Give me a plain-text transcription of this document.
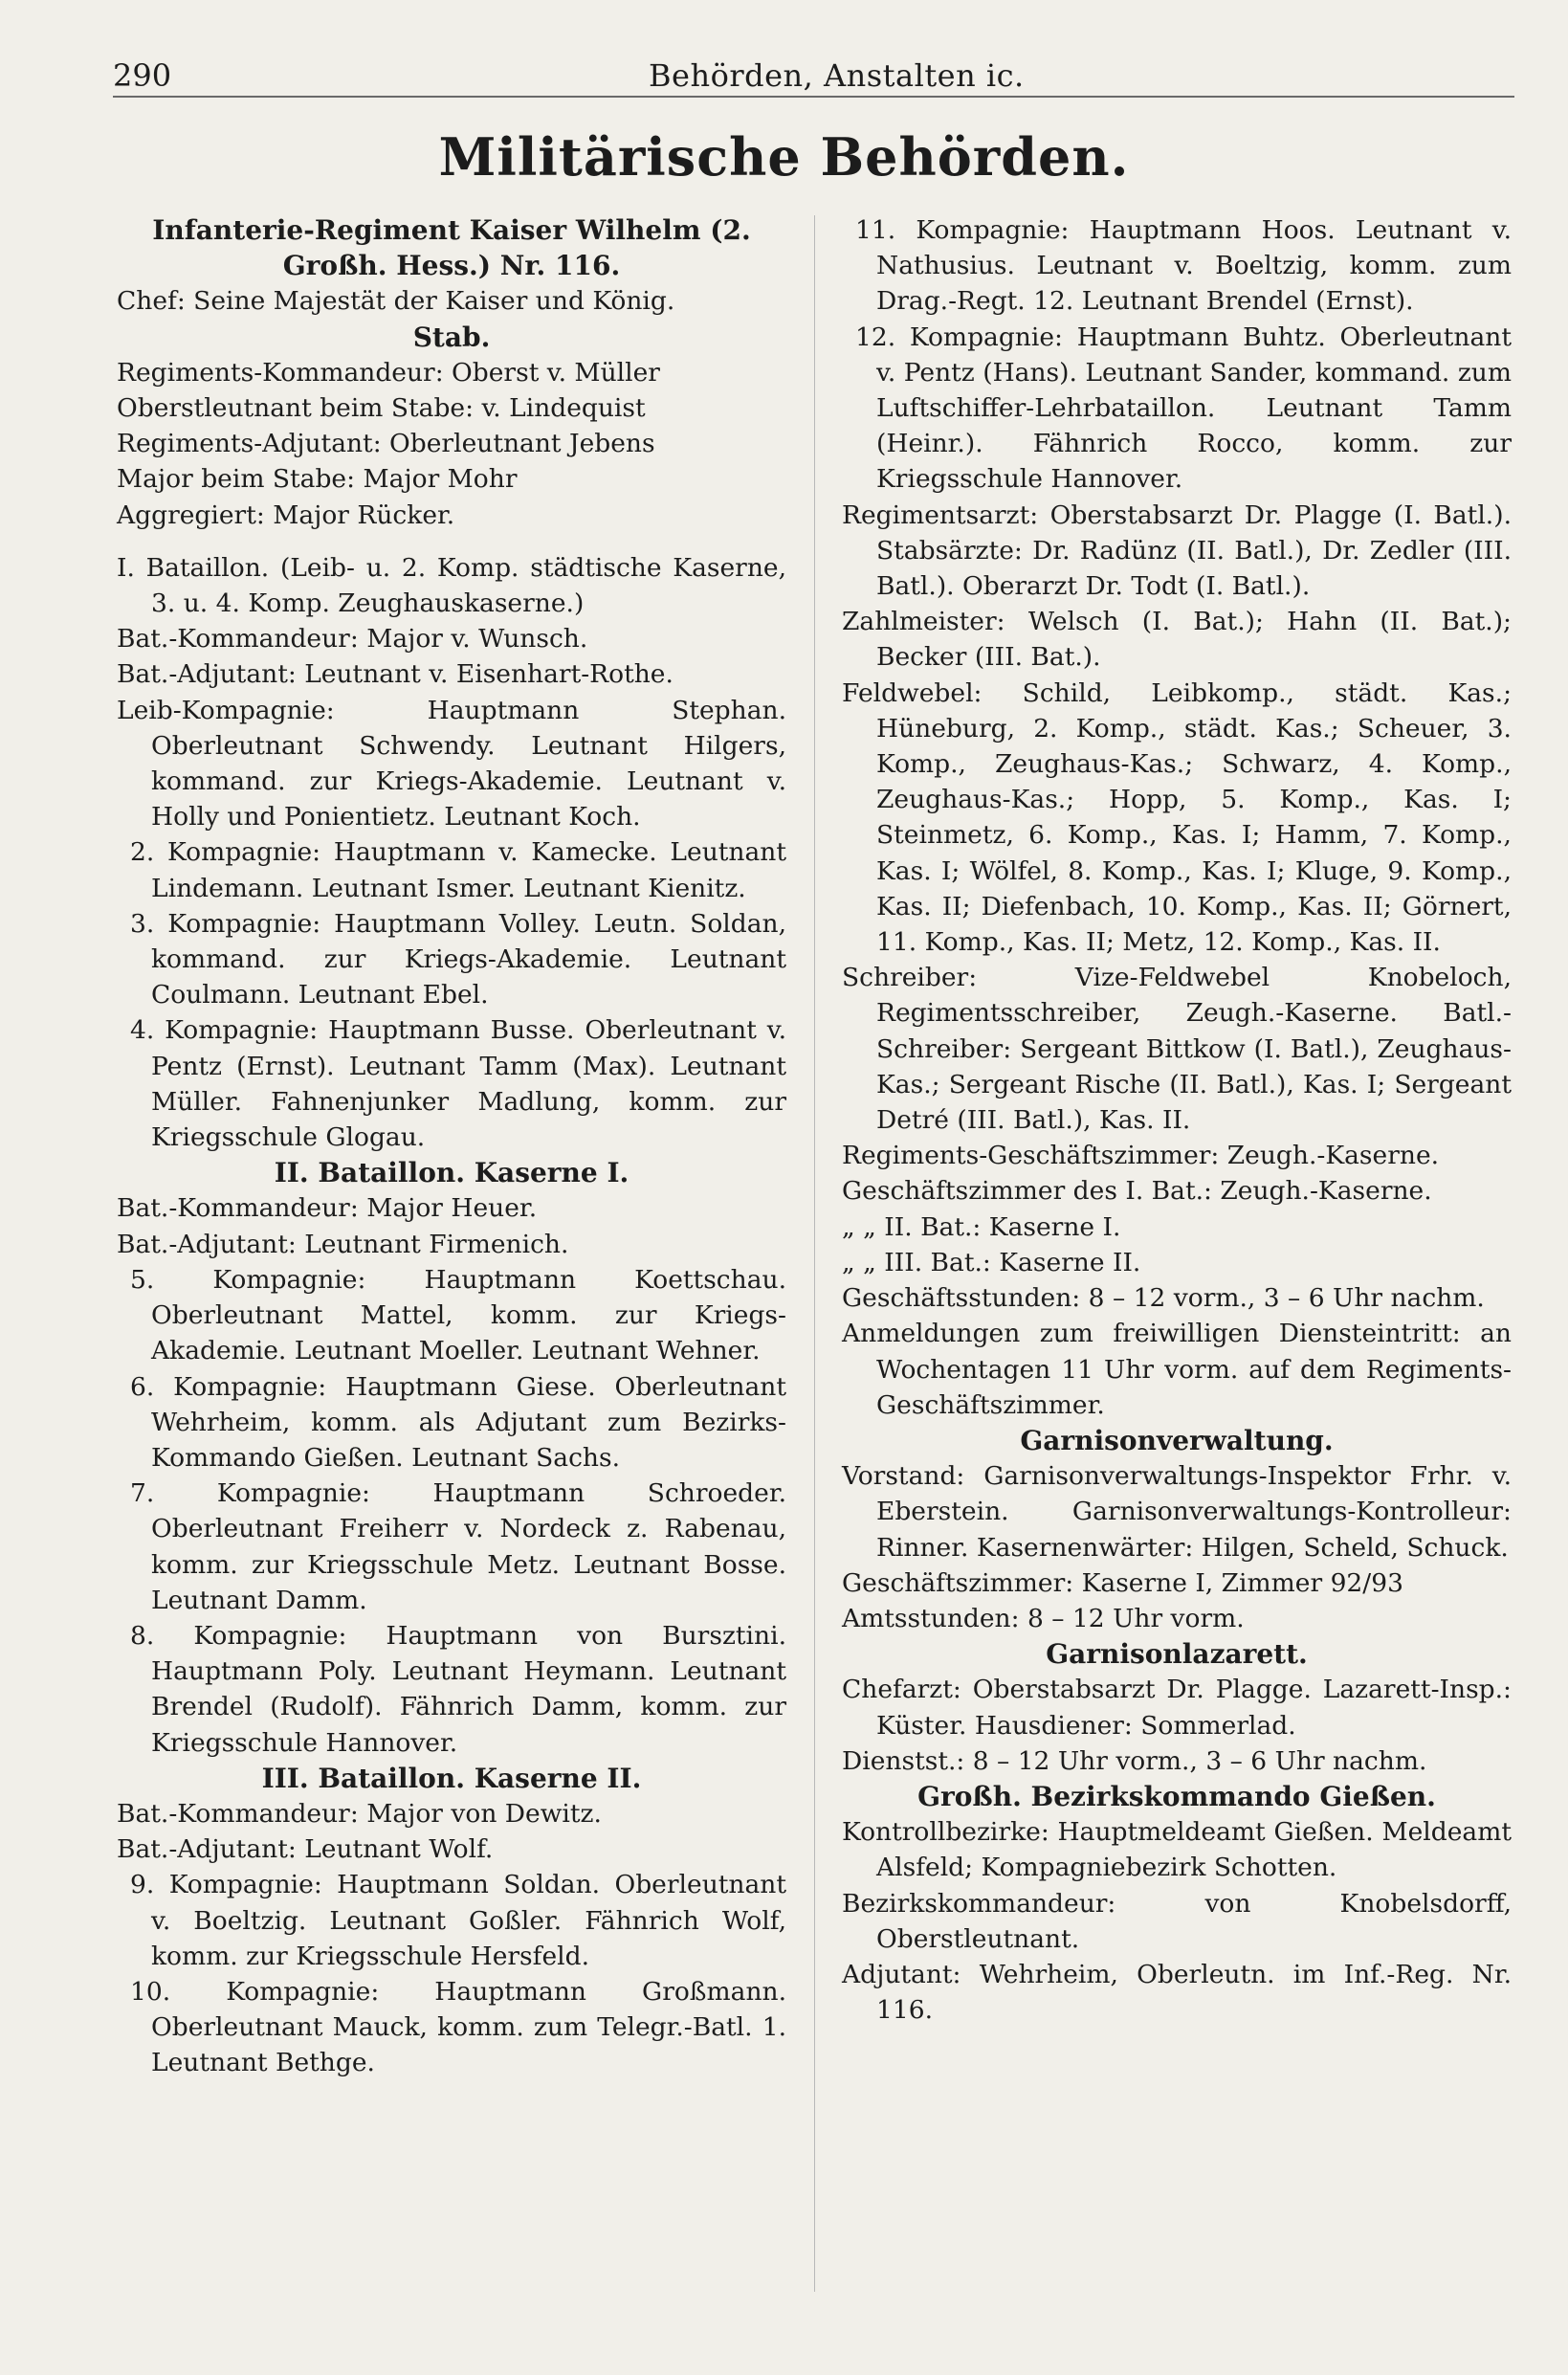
290	Behörden, Anstalten ic.
Militärische Behörden.

Infanterie-Regiment Kaiser Wilhelm (2. Großh. Hess.) Nr. 116.

Chef: Seine Majestät der Kaiser und König.

Stab.

Regiments-Kommandeur: Oberst v. Müller

Oberstleutnant beim Stabe: v. Lindequist

Regiments-Adjutant: Oberleutnant Jebens

Major beim Stabe: Major Mohr

Aggregiert: Major Rücker.

I. Bataillon. (Leib- u. 2. Komp. städtische Kaserne, 3. u. 4. Komp. Zeughauskaserne.)

Bat.-Kommandeur: Major v. Wunsch.

Bat.-Adjutant: Leutnant v. Eisenhart-Rothe.

Leib-Kompagnie: Hauptmann Stephan. Oberleutnant Schwendy. Leutnant Hilgers, kommand. zur Kriegs-Akademie. Leutnant v. Holly und Ponientietz. Leutnant Koch.

2. Kompagnie: Hauptmann v. Kamecke. Leutnant Lindemann. Leutnant Ismer. Leutnant Kienitz.

3. Kompagnie: Hauptmann Volley. Leutn. Soldan, kommand. zur Kriegs-Akademie. Leutnant Coulmann. Leutnant Ebel.

4. Kompagnie: Hauptmann Busse. Oberleutnant v. Pentz (Ernst). Leutnant Tamm (Max). Leutnant Müller. Fahnenjunker Madlung, komm. zur Kriegsschule Glogau.

II. Bataillon. Kaserne I.

Bat.-Kommandeur: Major Heuer.

Bat.-Adjutant: Leutnant Firmenich.

5. Kompagnie: Hauptmann Koettschau. Oberleutnant Mattel, komm. zur Kriegs-Akademie. Leutnant Moeller. Leutnant Wehner.

6. Kompagnie: Hauptmann Giese. Oberleutnant Wehrheim, komm. als Adjutant zum Bezirks-Kommando Gießen. Leutnant Sachs.

7. Kompagnie: Hauptmann Schroeder. Oberleutnant Freiherr v. Nordeck z. Rabenau, komm. zur Kriegsschule Metz. Leutnant Bosse. Leutnant Damm.

8. Kompagnie: Hauptmann von Bursztini. Hauptmann Poly. Leutnant Heymann. Leutnant Brendel (Rudolf). Fähnrich Damm, komm. zur Kriegsschule Hannover.

III. Bataillon. Kaserne II.

Bat.-Kommandeur: Major von Dewitz.

Bat.-Adjutant: Leutnant Wolf.

9. Kompagnie: Hauptmann Soldan. Oberleutnant v. Boeltzig. Leutnant Goßler. Fähnrich Wolf, komm. zur Kriegsschule Hersfeld.

10. Kompagnie: Hauptmann Großmann. Oberleutnant Mauck, komm. zum Telegr.-Batl. 1. Leutnant Bethge.

11. Kompagnie: Hauptmann Hoos. Leutnant v. Nathusius. Leutnant v. Boeltzig, komm. zum Drag.-Regt. 12. Leutnant Brendel (Ernst).

12. Kompagnie: Hauptmann Buhtz. Oberleutnant v. Pentz (Hans). Leutnant Sander, kommand. zum Luftschiffer-Lehrbataillon. Leutnant Tamm (Heinr.). Fähnrich Rocco, komm. zur Kriegsschule Hannover.

Regimentsarzt: Oberstabsarzt Dr. Plagge (I. Batl.). Stabsärzte: Dr. Radünz (II. Batl.), Dr. Zedler (III. Batl.). Oberarzt Dr. Todt (I. Batl.).

Zahlmeister: Welsch (I. Bat.); Hahn (II. Bat.); Becker (III. Bat.).

Feldwebel: Schild, Leibkomp., städt. Kas.; Hüneburg, 2. Komp., städt. Kas.; Scheuer, 3. Komp., Zeughaus-Kas.; Schwarz, 4. Komp., Zeughaus-Kas.; Hopp, 5. Komp., Kas. I; Steinmetz, 6. Komp., Kas. I; Hamm, 7. Komp., Kas. I; Wölfel, 8. Komp., Kas. I; Kluge, 9. Komp., Kas. II; Diefenbach, 10. Komp., Kas. II; Görnert, 11. Komp., Kas. II; Metz, 12. Komp., Kas. II.

Schreiber: Vize-Feldwebel Knobeloch, Regimentsschreiber, Zeugh.-Kaserne. Batl.-Schreiber: Sergeant Bittkow (I. Batl.), Zeughaus-Kas.; Sergeant Rische (II. Batl.), Kas. I; Sergeant Detré (III. Batl.), Kas. II.

Regiments-Geschäftszimmer: Zeugh.-Kaserne.

Geschäftszimmer des I. Bat.: Zeugh.-Kaserne.

„ „ II. Bat.: Kaserne I.

„ „ III. Bat.: Kaserne II.

Geschäftsstunden: 8 – 12 vorm., 3 – 6 Uhr nachm.

Anmeldungen zum freiwilligen Diensteintritt: an Wochentagen 11 Uhr vorm. auf dem Regiments-Geschäftszimmer.

Garnisonverwaltung.

Vorstand: Garnisonverwaltungs-Inspektor Frhr. v. Eberstein. Garnisonverwaltungs-Kontrolleur: Rinner. Kasernenwärter: Hilgen, Scheld, Schuck.

Geschäftszimmer: Kaserne I, Zimmer 92/93

Amtsstunden: 8 – 12 Uhr vorm.

Garnisonlazarett.

Chefarzt: Oberstabsarzt Dr. Plagge. Lazarett-Insp.: Küster. Hausdiener: Sommerlad.

Dienstst.: 8 – 12 Uhr vorm., 3 – 6 Uhr nachm.

Großh. Bezirkskommando Gießen.

Kontrollbezirke: Hauptmeldeamt Gießen. Meldeamt Alsfeld; Kompagniebezirk Schotten.

Bezirkskommandeur: von Knobelsdorff, Oberstleutnant.

Adjutant: Wehrheim, Oberleutn. im Inf.-Reg. Nr. 116.
